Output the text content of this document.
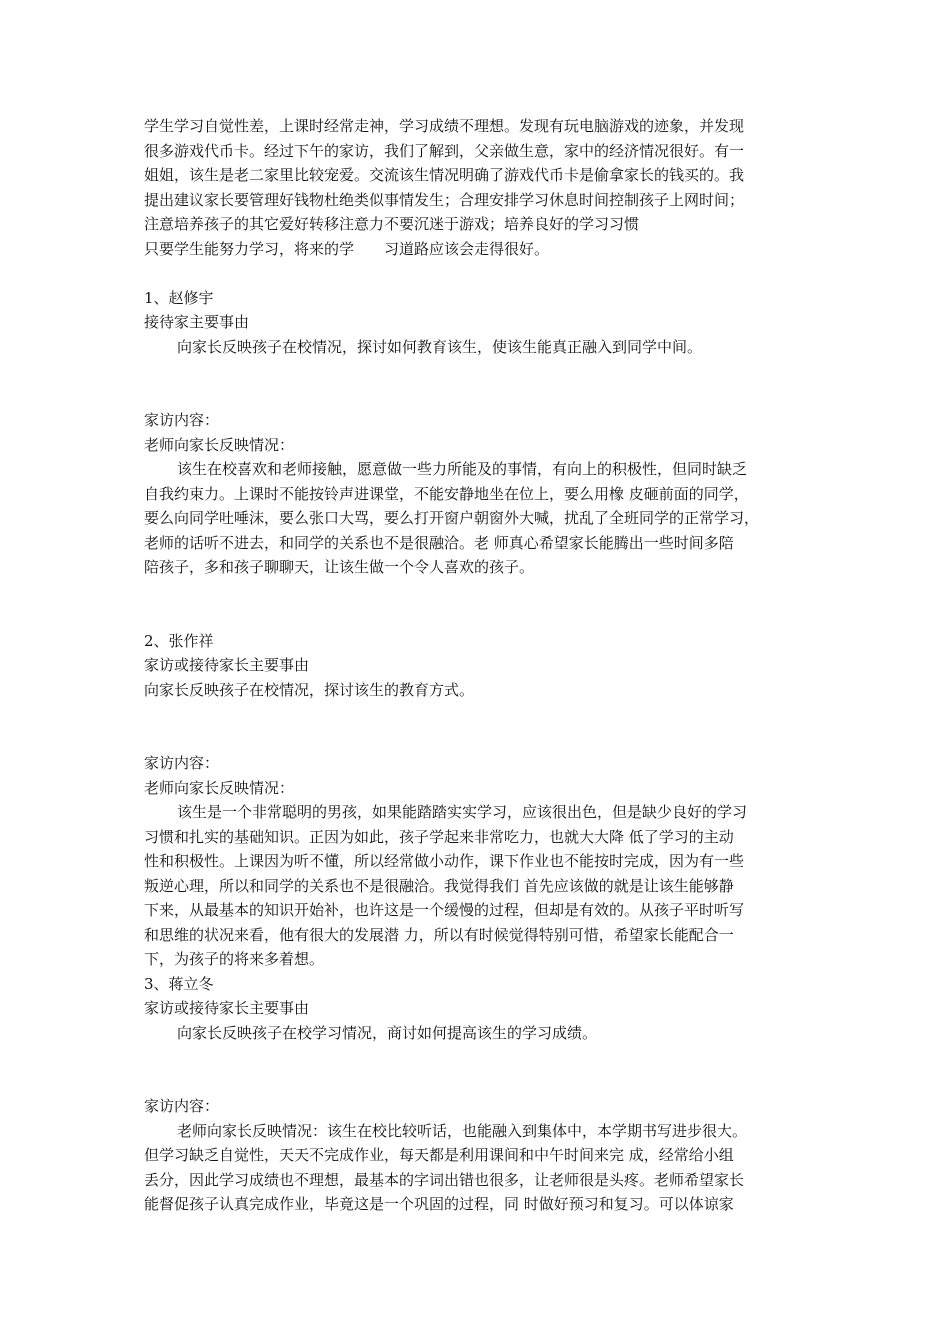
学生学习自觉性差，上课时经常走神，学习成绩不理想。发现有玩电脑游戏的迹象，并发现
很多游戏代币卡。经过下午的家访，我们了解到，父亲做生意，家中的经济情况很好。有一
姐姐，该生是老二家里比较宠爱。交流该生情况明确了游戏代币卡是偷拿家长的钱买的。我
提出建议家长要管理好钱物杜绝类似事情发生；合理安排学习休息时间控制孩子上网时间；
注意培养孩子的其它爱好转移注意力不要沉迷于游戏；培养良好的学习习惯
只要学生能努力学习，将来的学　　习道路应该会走得很好。
1、赵修宇
接待家主要事由
向家长反映孩子在校情况，探讨如何教育该生，使该生能真正融入到同学中间。
家访内容：
老师向家长反映情况：
该生在校喜欢和老师接触，愿意做一些力所能及的事情，有向上的积极性，但同时缺乏
自我约束力。上课时不能按铃声进课堂，不能安静地坐在位上，要么用橡 皮砸前面的同学，
要么向同学吐唾沫，要么张口大骂，要么打开窗户朝窗外大喊，扰乱了全班同学的正常学习，
老师的话听不进去，和同学的关系也不是很融洽。老 师真心希望家长能腾出一些时间多陪
陪孩子，多和孩子聊聊天，让该生做一个令人喜欢的孩子。
2、张作祥
家访或接待家长主要事由
向家长反映孩子在校情况，探讨该生的教育方式。
家访内容：
老师向家长反映情况：
该生是一个非常聪明的男孩，如果能踏踏实实学习，应该很出色，但是缺少良好的学习
习惯和扎实的基础知识。正因为如此，孩子学起来非常吃力，也就大大降 低了学习的主动
性和积极性。上课因为听不懂，所以经常做小动作，课下作业也不能按时完成，因为有一些
叛逆心理，所以和同学的关系也不是很融洽。我觉得我们 首先应该做的就是让该生能够静
下来，从最基本的知识开始补，也许这是一个缓慢的过程，但却是有效的。从孩子平时听写
和思维的状况来看，他有很大的发展潜 力，所以有时候觉得特别可惜，希望家长能配合一
下，为孩子的将来多着想。
3、蒋立冬
家访或接待家长主要事由
向家长反映孩子在校学习情况，商讨如何提高该生的学习成绩。
家访内容：
老师向家长反映情况：该生在校比较听话，也能融入到集体中，本学期书写进步很大。
但学习缺乏自觉性，天天不完成作业，每天都是利用课间和中午时间来完 成，经常给小组
丢分，因此学习成绩也不理想，最基本的字词出错也很多，让老师很是头疼。老师希望家长
能督促孩子认真完成作业，毕竟这是一个巩固的过程，同 时做好预习和复习。可以体谅家
